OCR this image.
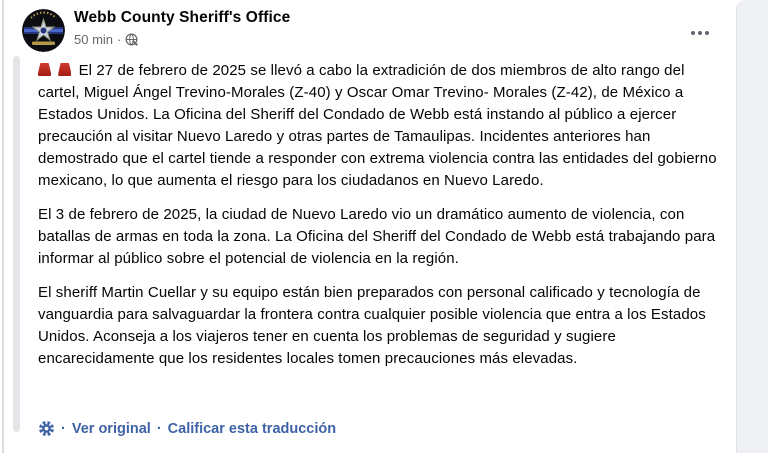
Webb County Sheriff's Office
50 min ·

El 27 de febrero de 2025 se llevó a cabo la extradición de dos miembros de alto rango del cartel, Miguel Ángel Trevino-Morales (Z-40) y Oscar Omar Trevino- Morales (Z-42), de México a Estados Unidos. La Oficina del Sheriff del Condado de Webb está instando al público a ejercer precaución al visitar Nuevo Laredo y otras partes de Tamaulipas. Incidentes anteriores han demostrado que el cartel tiende a responder con extrema violencia contra las entidades del gobierno mexicano, lo que aumenta el riesgo para los ciudadanos en Nuevo Laredo.

El 3 de febrero de 2025, la ciudad de Nuevo Laredo vio un dramático aumento de violencia, con batallas de armas en toda la zona. La Oficina del Sheriff del Condado de Webb está trabajando para informar al público sobre el potencial de violencia en la región.

El sheriff Martin Cuellar y su equipo están bien preparados con personal calificado y tecnología de vanguardia para salvaguardar la frontera contra cualquier posible violencia que entra a los Estados Unidos. Aconseja a los viajeros tener en cuenta los problemas de seguridad y sugiere encarecidamente que los residentes locales tomen precauciones más elevadas.

· Ver original · Calificar esta traducción
